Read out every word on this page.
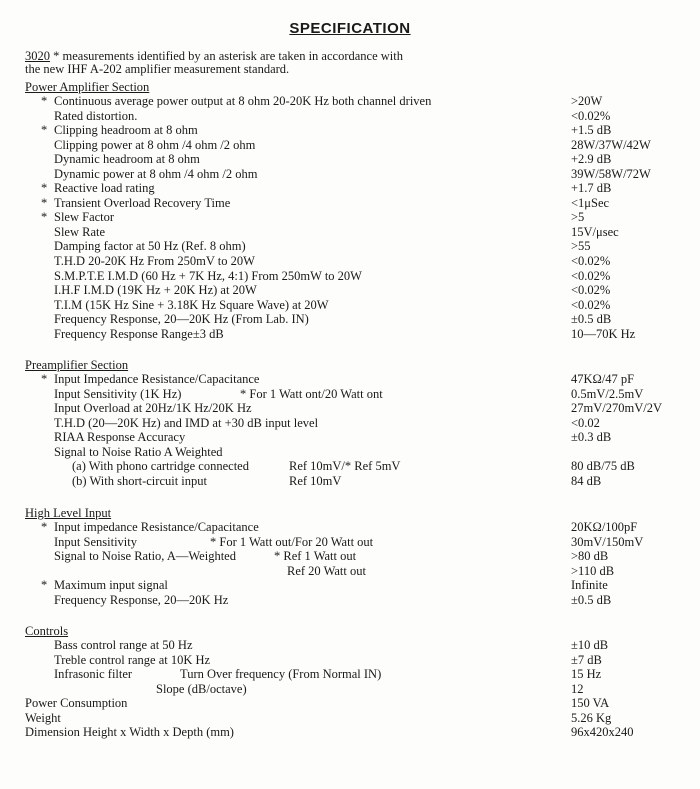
SPECIFICATION
3020 * measurements identified by an asterisk are taken in accordance with
the new IHF A-202 amplifier measurement standard.
Power Amplifier Section
* Continuous average power output at 8 ohm 20-20K Hz both channel driven	>20W
Rated distortion.	<0.02%
* Clipping headroom at 8 ohm	+1.5 dB
Clipping power at 8 ohm /4 ohm /2 ohm	28W/37W/42W
Dynamic headroom at 8 ohm	+2.9 dB
Dynamic power at 8 ohm /4 ohm /2 ohm	39W/58W/72W
* Reactive load rating	+1.7 dB
* Transient Overload Recovery Time	<1μSec
* Slew Factor	>5
Slew Rate	15V/μsec
Damping factor at 50 Hz (Ref. 8 ohm)	>55
T.H.D 20-20K Hz From 250mV to 20W	<0.02%
S.M.P.T.E I.M.D (60 Hz + 7K Hz, 4:1) From 250mW to 20W	<0.02%
I.H.F I.M.D (19K Hz + 20K Hz) at 20W	<0.02%
T.I.M (15K Hz Sine + 3.18K Hz Square Wave) at 20W	<0.02%
Frequency Response, 20—20K Hz (From Lab. IN)	±0.5 dB
Frequency Response Range±3 dB	10—70K Hz
Preamplifier Section
* Input Impedance Resistance/Capacitance	47KΩ/47 pF
Input Sensitivity (1K Hz)	* For 1 Watt ont/20 Watt ont	0.5mV/2.5mV
Input Overload at 20Hz/1K Hz/20K Hz	27mV/270mV/2V
T.H.D (20—20K Hz) and IMD at +30 dB input level	<0.02
RIAA Response Accuracy	±0.3 dB
Signal to Noise Ratio A Weighted
(a) With phono cartridge connected	Ref 10mV/* Ref 5mV	80 dB/75 dB
(b) With short-circuit input	Ref 10mV	84 dB
High Level Input
* Input impedance Resistance/Capacitance	20KΩ/100pF
Input Sensitivity	* For 1 Watt out/For 20 Watt out	30mV/150mV
Signal to Noise Ratio, A—Weighted	* Ref 1 Watt out	>80 dB
Ref 20 Watt out	>110 dB
* Maximum input signal	Infinite
Frequency Response, 20—20K Hz	±0.5 dB
Controls
Bass control range at 50 Hz	±10 dB
Treble control range at 10K Hz	±7 dB
Infrasonic filter	Turn Over frequency (From Normal IN)	15 Hz
Slope (dB/octave)	12
Power Consumption	150 VA
Weight	5.26 Kg
Dimension Height x Width x Depth (mm)	96x420x240
